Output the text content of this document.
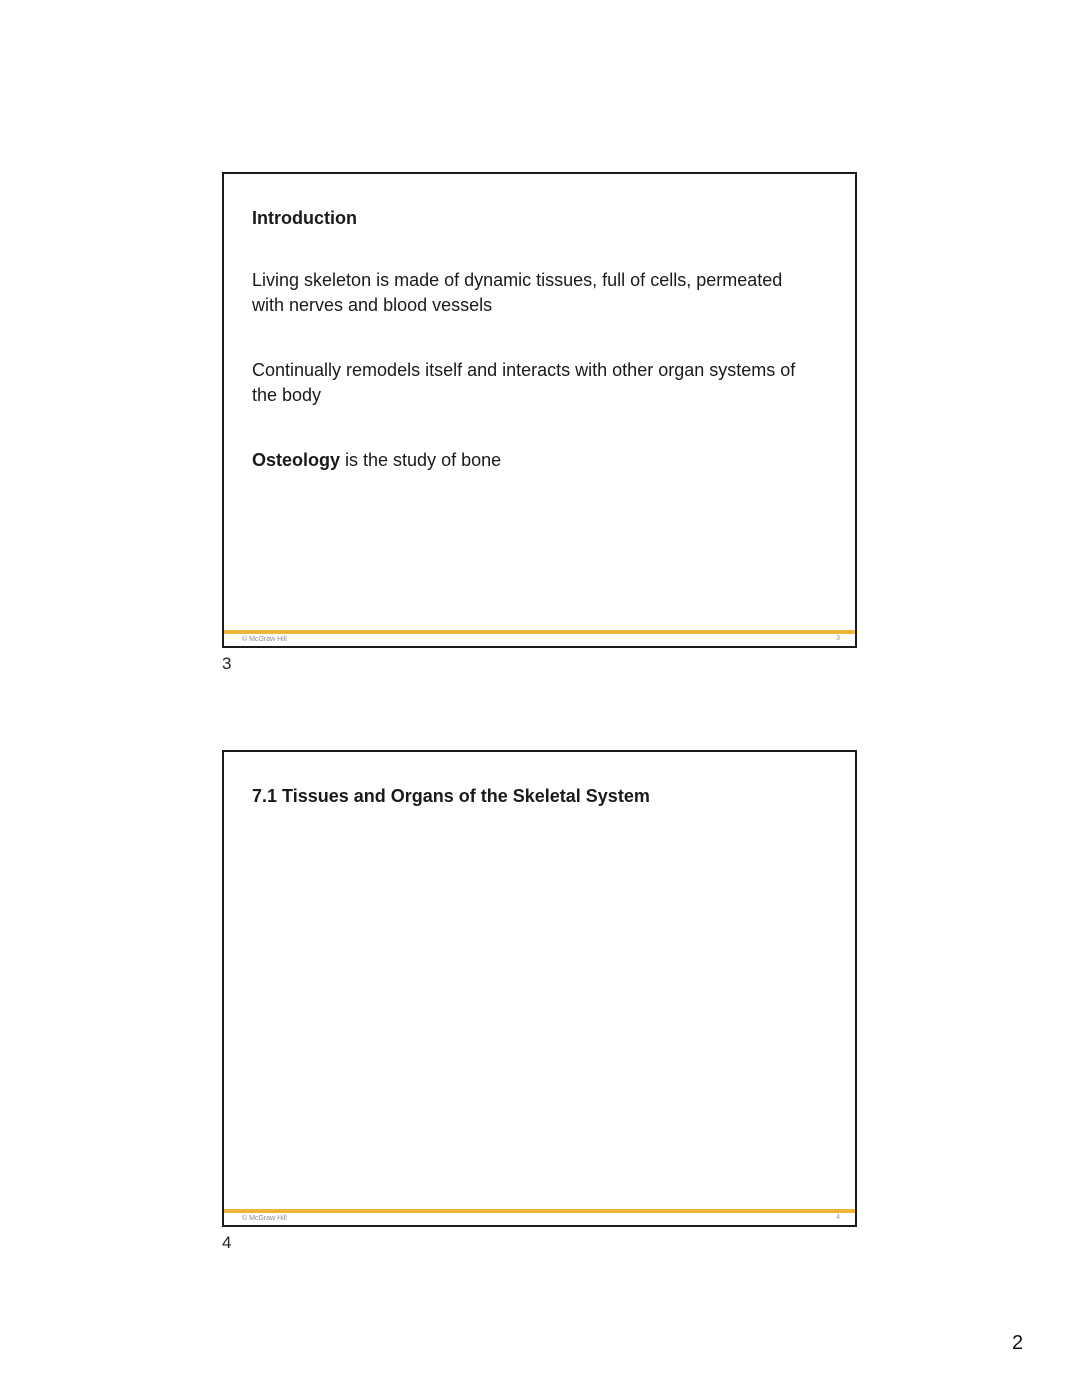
Introduction

Living skeleton is made of dynamic tissues, full of cells, permeated with nerves and blood vessels

Continually remodels itself and interacts with other organ systems of the body

Osteology is the study of bone

© McGraw Hill	3
3
7.1 Tissues and Organs of the Skeletal System
© McGraw Hill	4
4
2
